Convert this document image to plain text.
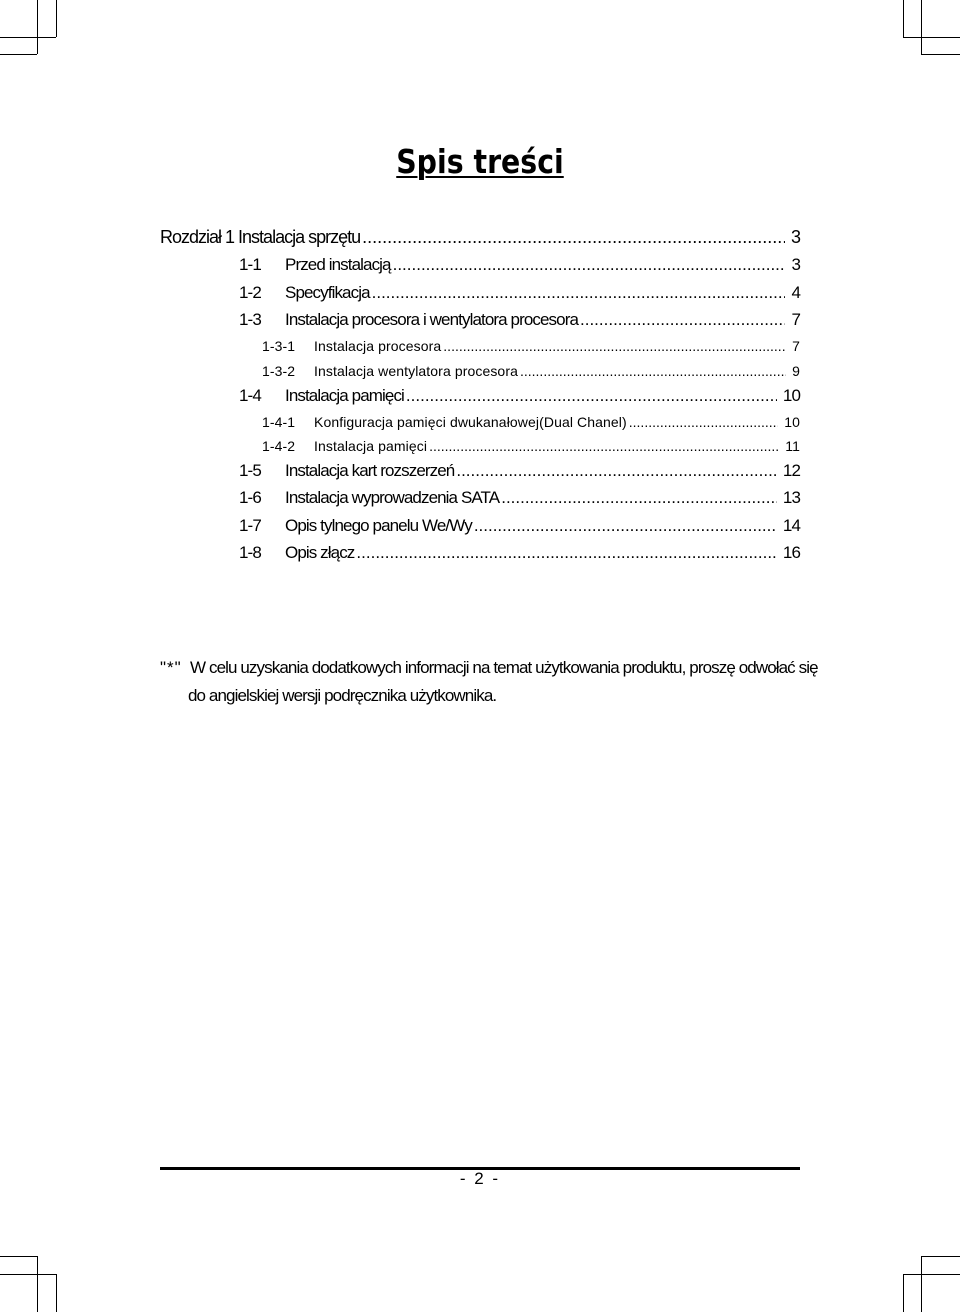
Spis treści
Rozdział 1 Instalacja sprzętu .....	3
1-1	Przed instalacją .....	3
1-2	Specyfikacja .....	4
1-3	Instalacja procesora i wentylatora procesora .....	7
1-3-1	Instalacja procesora .....	7
1-3-2	Instalacja wentylatora procesora .....	9
1-4	Instalacja pamięci .....	10
1-4-1	Konfiguracja pamięci dwukanałowej(Dual Chanel) .....	10
1-4-2	Instalacja pamięci .....	11
1-5	Instalacja kart rozszerzeń .....	12
1-6	Instalacja wyprowadzenia SATA .....	13
1-7	Opis tylnego panelu We/Wy .....	14
1-8	Opis złącz .....	16
"*" W celu uzyskania dodatkowych informacji na temat użytkowania produktu, proszę odwołać się
do angielskiej wersji podręcznika użytkownika.
- 2 -
